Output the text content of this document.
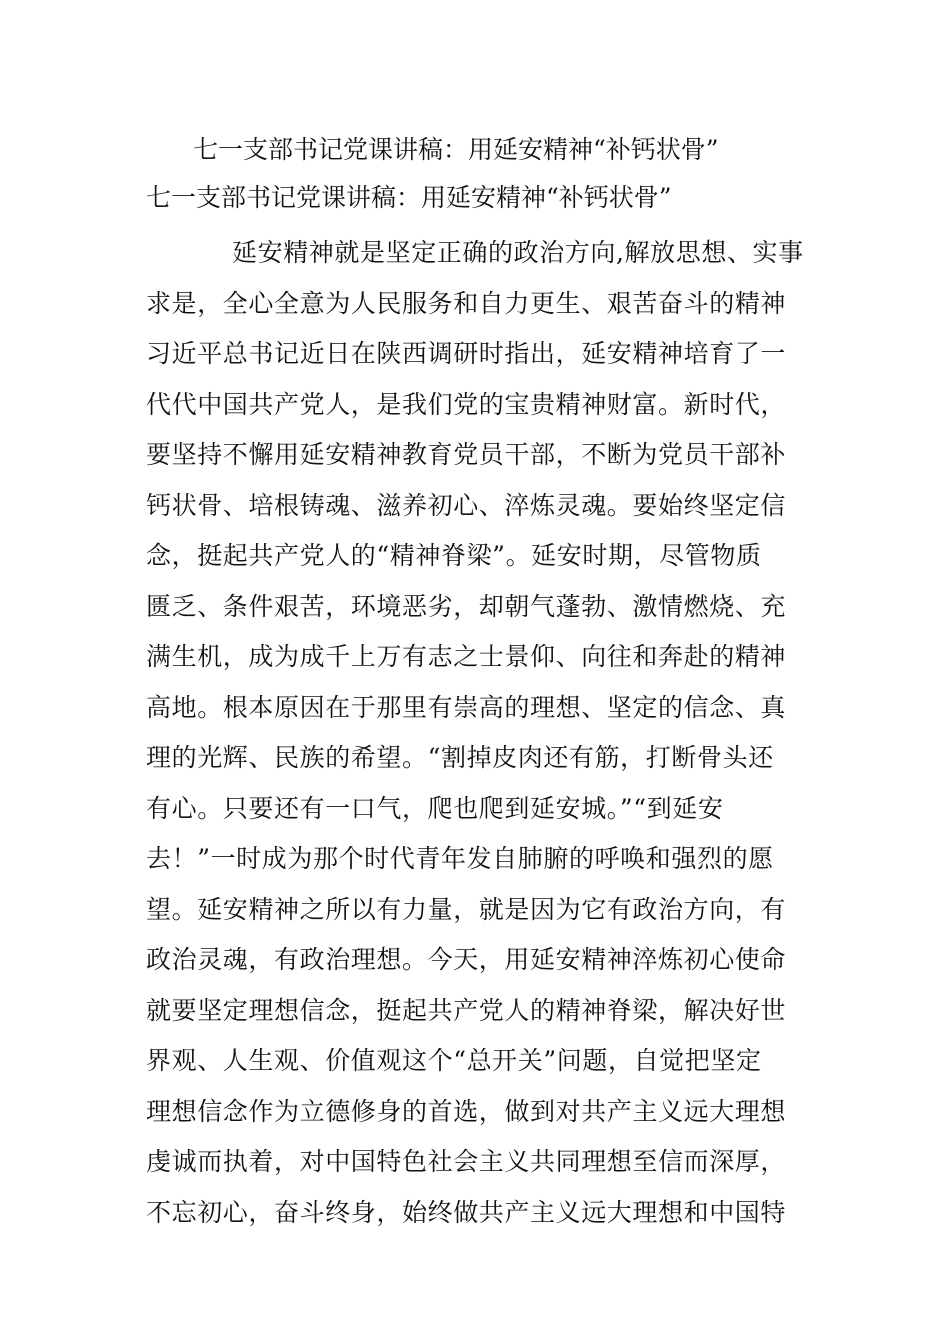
七一支部书记党课讲稿：用延安精神“补钙状骨”
七一支部书记党课讲稿：用延安精神“补钙状骨”
延安精神就是坚定正确的政治方向,解放思想、实事
求是，全心全意为人民服务和自力更生、艰苦奋斗的精神
习近平总书记近日在陕西调研时指出，延安精神培育了一
代代中国共产党人，是我们党的宝贵精神财富。新时代，
要坚持不懈用延安精神教育党员干部，不断为党员干部补
钙状骨、培根铸魂、滋养初心、淬炼灵魂。要始终坚定信
念，挺起共产党人的“精神脊梁”。延安时期，尽管物质
匮乏、条件艰苦，环境恶劣，却朝气蓬勃、激情燃烧、充
满生机，成为成千上万有志之士景仰、向往和奔赴的精神
高地。根本原因在于那里有崇高的理想、坚定的信念、真
理的光辉、民族的希望。“割掉皮肉还有筋，打断骨头还
有心。只要还有一口气，爬也爬到延安城。”“到延安
去！”一时成为那个时代青年发自肺腑的呼唤和强烈的愿
望。延安精神之所以有力量，就是因为它有政治方向，有
政治灵魂，有政治理想。今天，用延安精神淬炼初心使命
就要坚定理想信念，挺起共产党人的精神脊梁，解决好世
界观、人生观、价值观这个“总开关”问题，自觉把坚定
理想信念作为立德修身的首选，做到对共产主义远大理想
虔诚而执着，对中国特色社会主义共同理想至信而深厚，
不忘初心，奋斗终身，始终做共产主义远大理想和中国特
